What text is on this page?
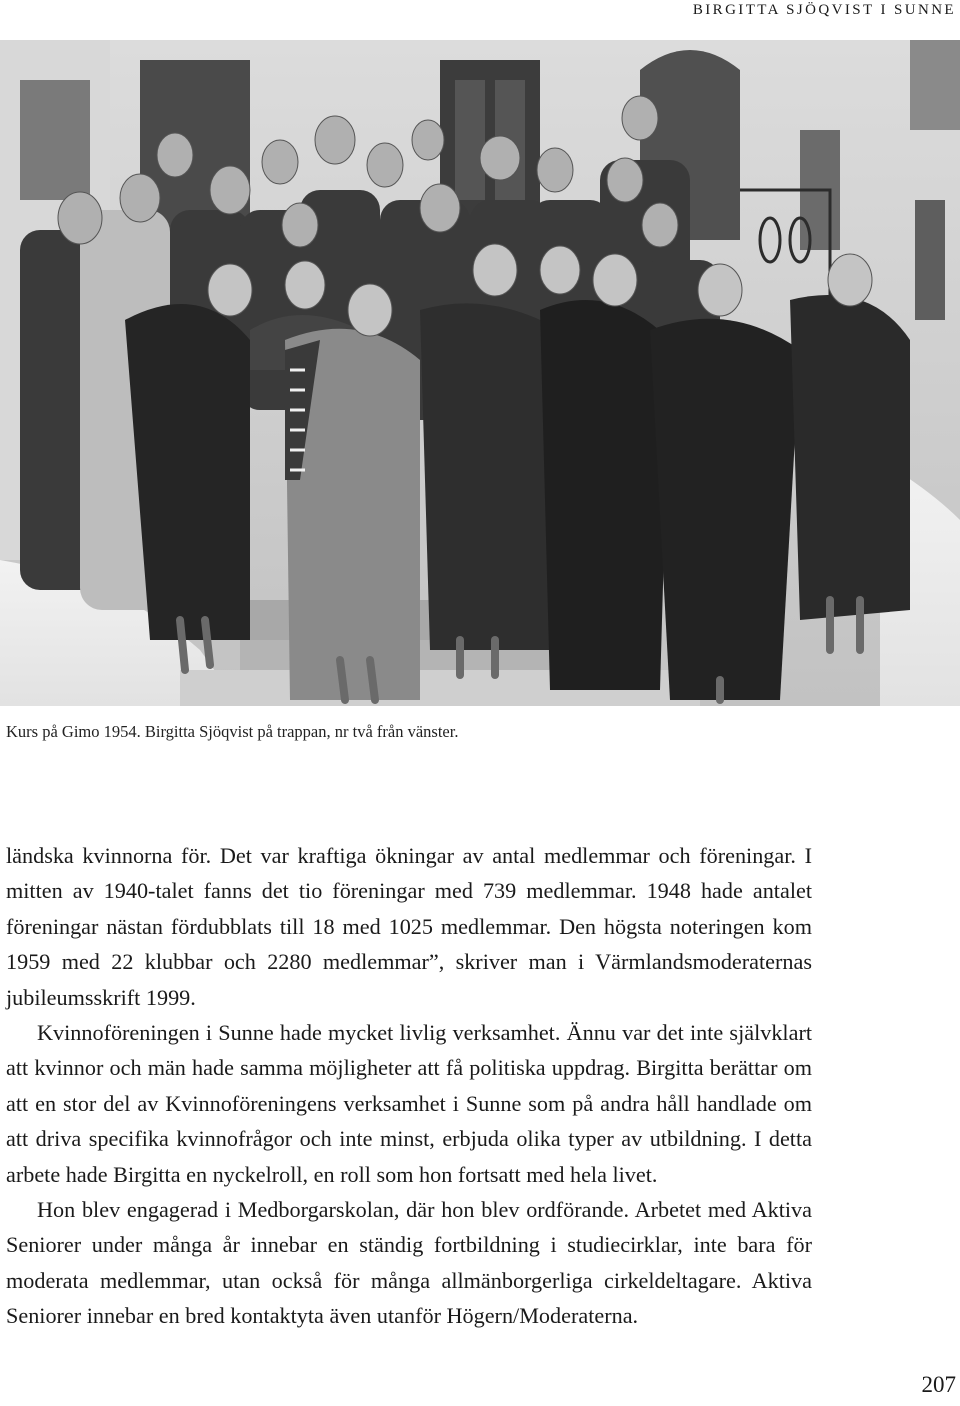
BIRGITTA SJÖQVIST I SUNNE
Kurs på Gimo 1954. Birgitta Sjöqvist på trappan, nr två från vänster.

ländska kvinnorna för. Det var kraftiga ökningar av antal medlemmar och föreningar. I mitten av 1940-talet fanns det tio föreningar med 739 medlemmar. 1948 hade antalet föreningar nästan fördubblats till 18 med 1025 medlemmar. Den högsta noteringen kom 1959 med 22 klubbar och 2280 medlemmar”, skriver man i Värmlandsmoderaternas jubileumsskrift 1999.

Kvinnoföreningen i Sunne hade mycket livlig verksamhet. Ännu var det inte självklart att kvinnor och män hade samma möjligheter att få politiska uppdrag. Birgitta berättar om att en stor del av Kvinnoföreningens verksamhet i Sunne som på andra håll handlade om att driva specifika kvinnofrågor och inte minst, erbjuda olika typer av utbildning. I detta arbete hade Birgitta en nyckelroll, en roll som hon fortsatt med hela livet.

Hon blev engagerad i Medborgarskolan, där hon blev ordförande. Arbetet med Aktiva Seniorer under många år innebar en ständig fortbildning i studiecirklar, inte bara för moderata medlemmar, utan också för många allmänborgerliga cirkeldeltagare. Aktiva Seniorer innebar en bred kontaktyta även utanför Högern/Moderaterna.

207
